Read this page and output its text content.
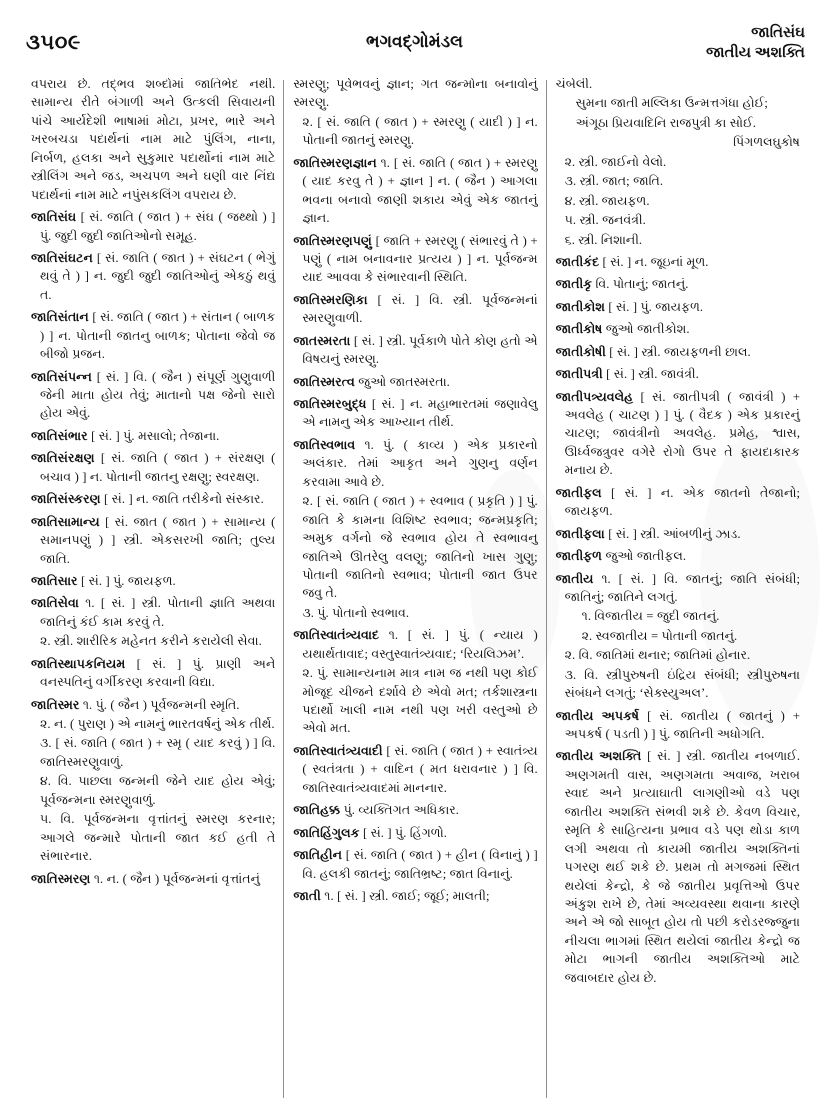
૩૫૦૯	ભગવદ્ગોમંડલ	જાતિસંઘ
જાતીય અશક્તિ

વપરાય છે. તદ્ભવ શબ્દોમાં જાતિભેદ નથી. સામાન્ય રીતે બંગાળી અને ઉત્કલી સિવાયની પાંચે આર્યદેશી ભાષામાં મોટા, પ્રખર, ભારે અને ખરબચડા પદાર્થનાં નામ માટે પુંલિંગ, નાના, નિર્બળ, હલકા અને સુકુમાર પદાર્થોનાં નામ માટે સ્ત્રીલિંગ અને જડ, અચપળ અને ઘણી વાર નિંદ્ય પદાર્થનાં નામ માટે નપુંસકલિંગ વપરાય છે.

જાતિસંઘ [ સં. જાતિ ( જાત ) + સંઘ ( જથ્થો ) ] પું. જુદી જુદી જાતિઓનો સમૂહ.

જાતિસંઘટન [ સં. જાતિ ( જાત ) + સંઘટન ( ભેગું થવું તે ) ] ન. જુદી જુદી જાતિઓનું એકઠું થવું ત.

જાતિસંતાન [ સં. જાતિ ( જાત ) + સંતાન ( બાળક ) ] ન. પોતાની જાતનુ બાળક; પોતાના જેવો જ બીજો પ્રજન.

જાતિસંપન્ન [ સં. ] વિ. ( જૈન ) સંપૂર્ણ ગુણુવાળી જેની માતા હોય તેવું; માતાનો પક્ષ જેનો સારો હોય એવું.

જાતિસંભાર [ સં. ] પું. મસાલો; તેજાના.

જાતિસંરક્ષણ [ સં. જાતિ ( જાત ) + સંરક્ષણ ( બચાવ ) ] ન. પોતાની જાતનુ રક્ષણુ; સ્વરક્ષણ.

જાતિસંસ્કરણ [ સં. ] ન. જાતિ તરીકેનો સંસ્કાર.

જાતિસામાન્ય [ સં. જાત ( જાત ) + સામાન્ય ( સમાનપણું ) ] સ્ત્રી. એકસરખી જાતિ; તુલ્ય જાતિ.

જાતિસાર [ સં. ] પું. જાયફળ.

જાતિસેવા ૧. [ સં. ] સ્ત્રી. પોતાની જ્ઞાતિ અથવા જાતિનું કંઈ કામ કરવું તે.

૨. સ્ત્રી. શારીરિક મહેનત કરીને કરાયેલી સેવા.

જાતિસ્થાપકનિયમ [ સં. ] પું. પ્રાણી અને વનસ્પતિનું વર્ગીકરણ કરવાની વિદ્યા.

જાતિસ્મર ૧. પું. ( જૈન ) પૂર્વજન્મની સ્મૃતિ.

૨. ન. ( પુરાણ ) એ નામનું ભારતવર્ષનું એક તીર્થ.

૩. [ સં. જાતિ ( જાત ) + સ્મૃ ( યાદ કરવું ) ] વિ. જાતિસ્મરણુવાળું.

૪. વિ. પાછલા જન્મની જેને યાદ હોય એવું; પૂર્વજન્મના સ્મરણુવાળું.

૫. વિ. પૂર્વજન્મના વૃત્તાંતનું સ્મરણ કરનાર; આગલે જન્મારે પોતાની જાત કઈ હતી તે સંભારનાર.

જાતિસ્મરણ ૧. ન. ( જૈન ) પૂર્વજન્મનાં વૃત્તાંતનું

સ્મરણુ; પૂર્વભવનું જ્ઞાન; ગત જન્મોના બનાવોનું સ્મરણુ.

૨. [ સં. જાતિ ( જાત ) + સ્મરણુ ( યાદી ) ] ન. પોતાની જાતનું સ્મરણુ.

જાતિસ્મરણજ્ઞાન ૧. [ સં. જાતિ ( જાત ) + સ્મરણુ ( યાદ કરવુ તે ) + જ્ઞાન ] ન. ( જૈન ) આગલા ભવના બનાવો જાણી શકાય એવું એક જાતનું જ્ઞાન.

જાતિસ્મરણપણું [ જાતિ + સ્મરણુ ( સંભારવું તે ) + પણું ( નામ બનાવનાર પ્રત્યય ) ] ન. પૂર્વજન્મ યાદ આવવા કે સંભારવાની સ્થિતિ.

જાતિસ્મરણિકા [ સં. ] વિ. સ્ત્રી. પૂર્વજન્મનાં સ્મરણુવાળી.

જાતસ્મરતા [ સં. ] સ્ત્રી. પૂર્વકાળે પોતે કોણ હતો એ વિષયનું સ્મરણુ.

જાતિસ્મરત્વ જુઓ જાતસ્મરતા.

જાતિસ્મરબુદ્ધ [ સં. ] ન. મહાભારતમાં જણાવેલુ એ નામનુ એક આખ્યાન તીર્થ.

જાતિસ્વભાવ ૧. પું. ( કાવ્ય ) એક પ્રકારનો અલંકાર. તેમાં આકૃત અને ગુણનુ વર્ણન કરવામા આવે છે.

૨. [ સં. જાતિ ( જાત ) + સ્વભાવ ( પ્રકૃતિ ) ] પું. જાતિ કે કામના વિશિષ્ટ સ્વભાવ; જન્મપ્રકૃતિ; અમુક વર્ગનો જે સ્વભાવ હોય તે સ્વભાવનુ જાતિએ ઊતરેલુ વલણુ; જાતિનો ખાસ ગુણુ; પોતાની જાતિનો સ્વભાવ; પોતાની જાત ઉપર જવુ તે.

૩. પું. પોતાનો સ્વભાવ.

જાતિસ્વાતંત્ર્યવાદ ૧. [ સં. ] પું. ( ન્યાય ) યથાર્થતાવાદ; વસ્તુસ્વાતંત્ર્યવાદ; ‘રિયલિઝમ’.

૨. પું. સામાન્યનામ માત્ર નામ જ નથી પણ કોઈ મોજૂદ ચીજને દર્શાવે છે એવો મત; તર્કશાસ્ત્રના પદાર્થો ખાલી નામ નથી પણ ખરી વસ્તુઓ છે એવો મત.

જાતિસ્વાતંત્ર્યવાદી [ સં. જાતિ ( જાત ) + સ્વાતંત્ર્ય ( સ્વતંત્રતા ) + વાદિન ( મત ધરાવનાર ) ] વિ. જાતિસ્વાતંત્ર્યવાદમાં માનનાર.

જાતિહક્ક પું. વ્યક્તિગત અધિકાર.

જાતિહિંગુલક [ સં. ] પું. હિંગળો.

જાતિહીન [ સં. જાતિ ( જાત ) + હીન ( વિનાનું ) ] વિ. હલકી જાતનું; જાતિભ્રષ્ટ; જાત વિનાનું.

જાતી ૧. [ સં. ] સ્ત્રી. જાઈ; જૂઈ; માલતી;

ચંબેલી.

સુમના જાતી મલ્લિકા ઉન્મત્તગંધા હોઈ;

અંગૂઠા પ્રિયવાદિનિ રાજપુત્રી કા સોઈ.

પિંગળલઘુકોષ

૨. સ્ત્રી. જાઈનો વેલો.

૩. સ્ત્રી. જાત; જાતિ.

૪. સ્ત્રી. જાયફળ.

૫. સ્ત્રી. જનવંત્રી.

૬. સ્ત્રી. નિશાની.

જાતીકંદ [ સં. ] ન. જૂઇનાં મૂળ.

જાતીકૃ વિ. પોતાનું; જાતનું.

જાતીકોશ [ સં. ] પું. જાયફળ.

જાતીકોષ જુઓ જાતીકોશ.

જાતીકોષી [ સં. ] સ્ત્રી. જાયફળની છાલ.

જાતીપત્રી [ સં. ] સ્ત્રી. જાવંત્રી.

જાતીપત્ર્યવલેહ [ સં. જાતીપત્રી ( જાવંત્રી ) + અવલેહ ( ચાટણ ) ] પું. ( વૈદક ) એક પ્રકારનું ચાટણ; જાવંત્રીનો અવલેહ. પ્રમેહ, શ્વાસ, ઊર્ધ્વજત્રુવર વગેરે રોગો ઉપર તે ફાયદાકારક મનાય છે.

જાતીફલ [ સં. ] ન. એક જાતનો તેજાનો; જાયફળ.

જાતીફલા [ સં. ] સ્ત્રી. આંબળીનું ઝાડ.

જાતીફળ જુઓ જાતીફલ.

જાતીય ૧. [ સં. ] વિ. જાતનું; જાતિ સંબંધી; જાતિનું; જાતિને લગતું.

૧. વિજાતીય = જુદી જાતનું.

૨. સ્વજાતીય = પોતાની જાતનું.

૨. વિ. જાતિમાં થનાર; જાતિમાં હોનાર.

૩. વિ. સ્ત્રીપુરુષની ઇંદ્રિય સંબંધી; સ્ત્રીપુરુષના સંબંધને લગતું; ‘સેક્સ્યુઅલ’.

જાતીય અપકર્ષ [ સં. જાતીય ( જાતનું ) + અપકર્ષ ( પડતી ) ] પું. જાતિની અધોગતિ.

જાતીય અશક્તિ [ સં. ] સ્ત્રી. જાતીય નબળાઈ. અણગમતી વાસ, અણગમતા અવાજ, ખરાબ સ્વાદ અને પ્રત્યાઘાતી લાગણીઓ વડે પણ જાતીય અશક્તિ સંભવી શકે છે. કેવળ વિચાર, સ્મૃતિ કે સાહિત્યના પ્રભાવ વડે પણ થોડા કાળ લગી અથવા તો કાયમી જાતીય અશક્તિનાં પગરણ થઈ શકે છે. પ્રથમ તો મગજમાં સ્થિત થયેલાં કેન્દ્રો, કે જે જાતીય પ્રવૃત્તિઓ ઉપર અંકુશ રાખે છે, તેમાં અવ્યવસ્થા થવાના કારણે અને એ જો સાબૂત હોય તો પછી કરોડરજ્જુના નીચલા ભાગમાં સ્થિત થયેલાં જાતીય કેન્દ્રો જ મોટા ભાગની જાતીય અશક્તિઓ માટે જવાબદાર હોય છે.
